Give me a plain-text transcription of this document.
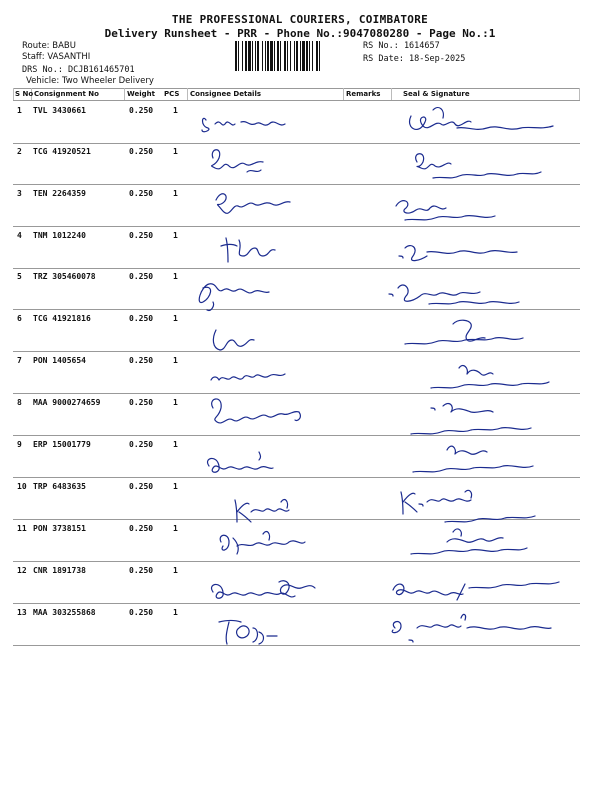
THE PROFESSIONAL COURIERS, COIMBATORE
Delivery Runsheet - PRR - Phone No.:9047080280 - Page No.:1
Route: BABU
Staff: VASANTHI
DRS No.: DCJB161465701
Vehicle: Two Wheeler Delivery
RS No.: 1614657
RS Date: 18-Sep-2025
S No Consignment No	Weight PCS Consignee Details	Remarks	Seal & Signature
1 TVL 3430661	0.250 1
2 TCG 41920521	0.250 1
3 TEN 2264359	0.250 1
4 TNM 1012240	0.250 1
5 TRZ 305460078	0.250 1
6 TCG 41921816	0.250 1
7 PON 1405654	0.250 1
8 MAA 9000274659	0.250 1
9 ERP 15001779	0.250 1
10 TRP 6483635	0.250 1
11 PON 3738151	0.250 1
12 CNR 1891738	0.250 1
13 MAA 303255868	0.250 1
